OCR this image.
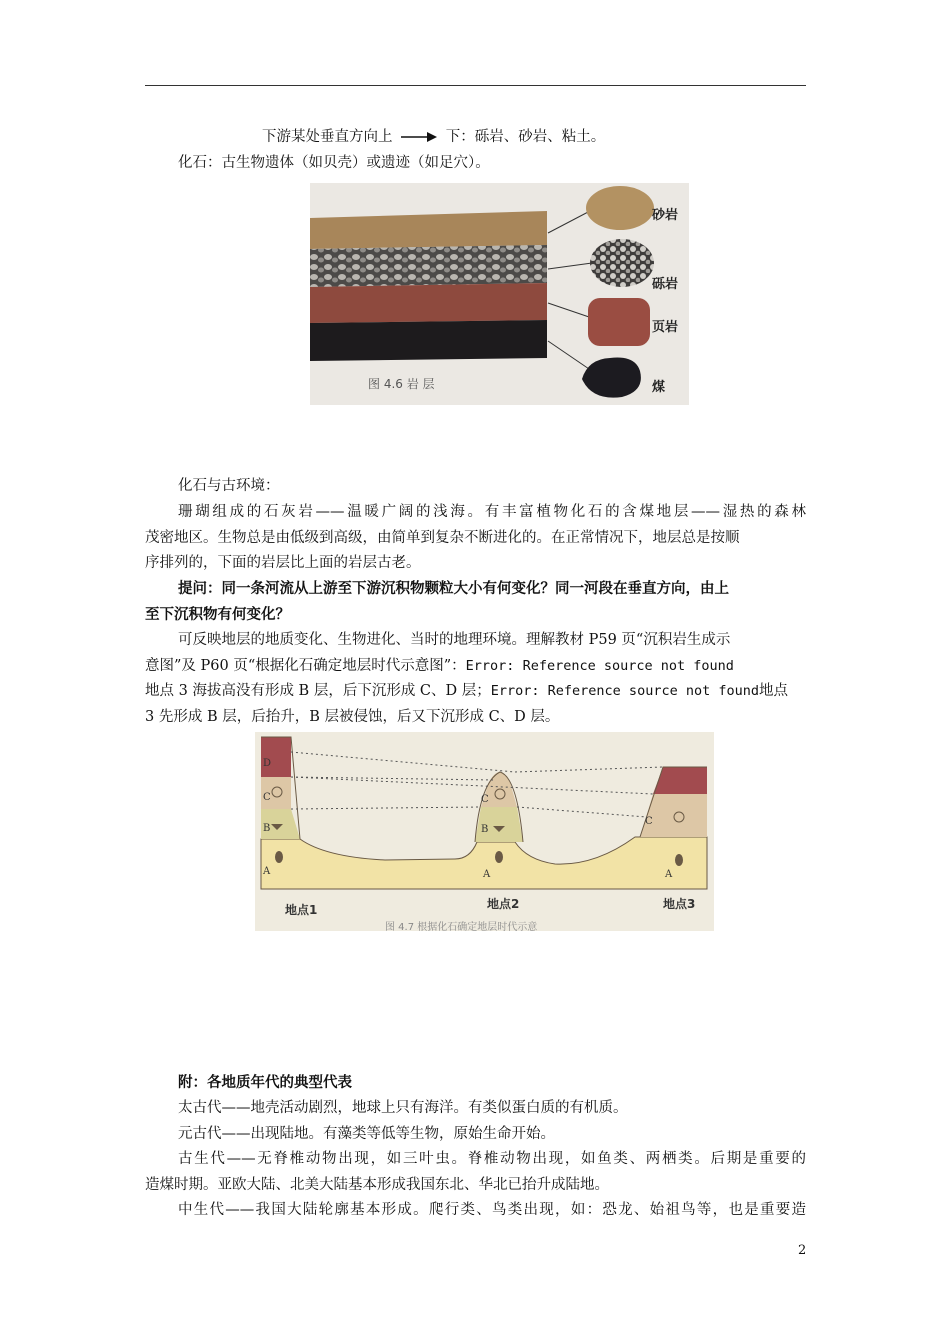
下游某处垂直方向上	下：砾岩、砂岩、粘土。
化石：古生物遗体（如贝壳）或遗迹（如足穴）。
砂岩
砾岩
页岩
煤
图 4.6 岩 层
化石与古环境：
珊瑚组成的石灰岩——温暖广阔的浅海。有丰富植物化石的含煤地层——湿热的森林
茂密地区。生物总是由低级到高级，由简单到复杂不断进化的。在正常情况下，地层总是按顺
序排列的，下面的岩层比上面的岩层古老。
提问：同一条河流从上游至下游沉积物颗粒大小有何变化？同一河段在垂直方向，由上
至下沉积物有何变化？
可反映地层的地质变化、生物进化、当时的地理环境。理解教材 P59 页“沉积岩生成示
意图”及 P60 页“根据化石确定地层时代示意图”：Error: Reference source not found
地点 3 海拔高没有形成 B 层，后下沉形成 C、D 层；Error: Reference source not found地点
3 先形成 B 层，后抬升，B 层被侵蚀，后又下沉形成 C、D 层。
D
C
B
A
C
B
A
C
A
地点1	地点2	地点3
图 4.7 根据化石确定地层时代示意
附：各地质年代的典型代表
太古代——地壳活动剧烈，地球上只有海洋。有类似蛋白质的有机质。
元古代——出现陆地。有藻类等低等生物，原始生命开始。
古生代——无脊椎动物出现，如三叶虫。脊椎动物出现，如鱼类、两栖类。后期是重要的
造煤时期。亚欧大陆、北美大陆基本形成我国东北、华北已抬升成陆地。
中生代——我国大陆轮廓基本形成。爬行类、鸟类出现，如：恐龙、始祖鸟等，也是重要造
2
